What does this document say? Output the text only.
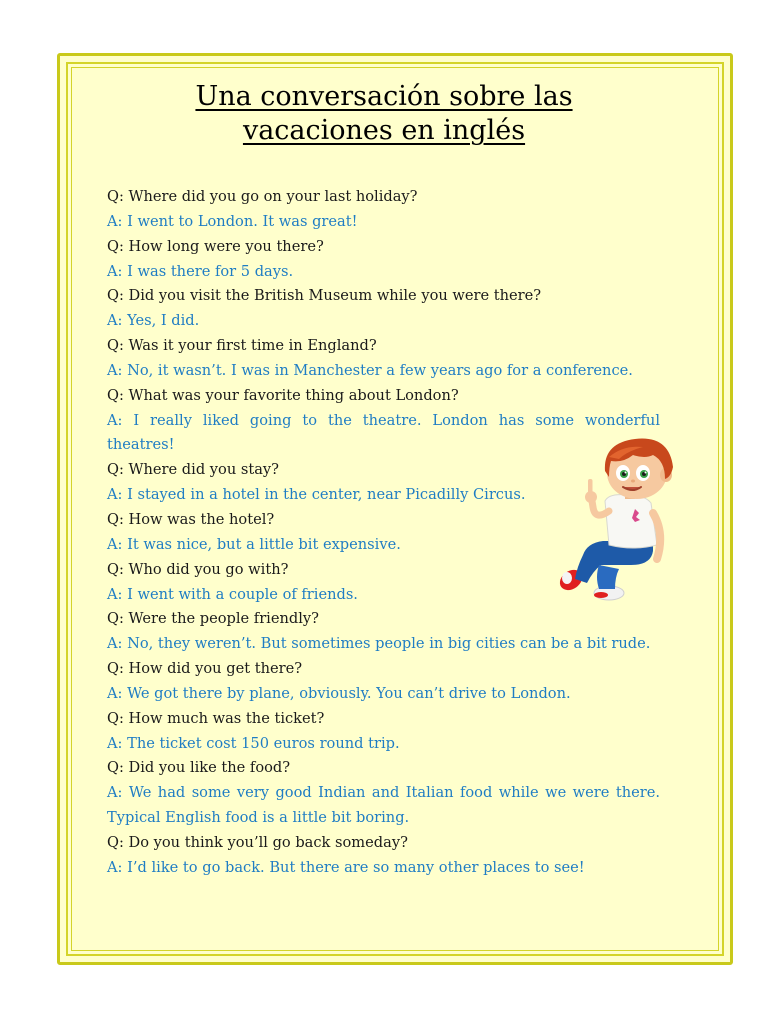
Una conversación sobre las
vacaciones en inglés

Q: Where did you go on your last holiday?

A: I went to London. It was great!

Q: How long were you there?

A: I was there for 5 days.

Q: Did you visit the British Museum while you were there?

A: Yes, I did.

Q: Was it your first time in England?

A: No, it wasn’t. I was in Manchester a few years ago for a conference.

Q: What was your favorite thing about London?

A: I really liked going to the theatre. London has some wonderful theatres!

Q: Where did you stay?

A: I stayed in a hotel in the center, near Picadilly Circus.

Q: How was the hotel?

A: It was nice, but a little bit expensive.

Q: Who did you go with?

A: I went with a couple of friends.

Q: Were the people friendly?

A: No, they weren’t. But sometimes people in big cities can be a bit rude.

Q: How did you get there?

A: We got there by plane, obviously. You can’t drive to London.

Q: How much was the ticket?

A: The ticket cost 150 euros round trip.

Q: Did you like the food?

A: We had some very good Indian and Italian food while we were there. Typical English food is a little bit boring.

Q: Do you think you’ll go back someday?

A: I’d like to go back. But there are so many other places to see!
